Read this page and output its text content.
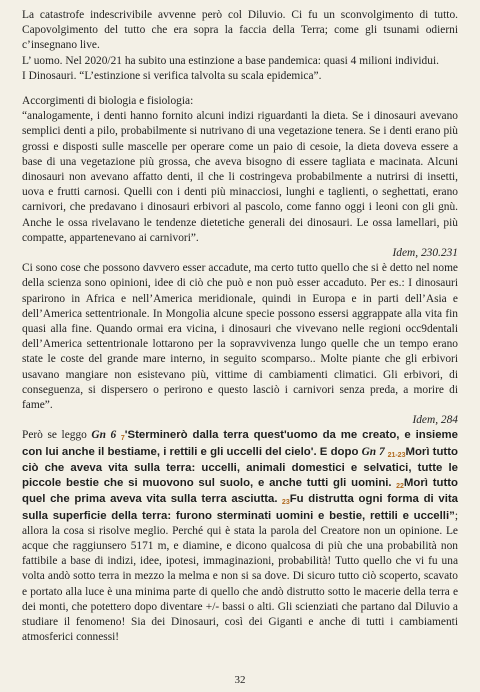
La catastrofe indescrivibile avvenne però col Diluvio. Ci fu un sconvolgimento di tutto. Capovolgimento del tutto che era sopra la faccia della Terra; come gli tsunami odierni c’insegnano live.

L’ uomo. Nel 2020/21 ha subito una estinzione a base pandemica: quasi 4 milioni individui.

I Dinosauri. “L’estinzione si verifica talvolta su scala epidemica”.

Accorgimenti di biologia e fisiologia:

“analogamente, i denti hanno fornito alcuni indizi riguardanti la dieta. Se i dinosauri avevano semplici denti a pilo, probabilmente si nutrivano di una vegetazione tenera. Se i denti erano più grossi e disposti sulle mascelle per operare come un paio di cesoie, la dieta doveva essere a base di una vegetazione più grossa, che aveva bisogno di essere tagliata e macinata. Alcuni dinosauri non avevano affatto denti, il che li costringeva probabilmente a nutrirsi di insetti, uova e frutti carnosi. Quelli con i denti più minacciosi, lunghi e taglienti, o seghettati, erano carnivori, che predavano i dinosauri erbivori al pascolo, come fanno oggi i leoni con gli gnù. Anche le ossa rivelavano le tendenze dietetiche generali dei dinosauri. Le ossa lamellari, più compatte, appartenevano ai carnivori”.

Idem, 230.231

Ci sono cose che possono davvero esser accadute, ma certo tutto quello che si è detto nel nome della scienza sono opinioni, idee di ciò che può e non può esser accaduto. Per es.: I dinosauri sparirono in Africa e nell’America meridionale, quindi in Europa e in parti dell’Asia e dell’America settentrionale. In Mongolia alcune specie possono essersi aggrappate alla vita fin quasi alla fine. Quando ormai era vicina, i dinosauri che vivevano nelle regioni occ9dentali dell’America settentrionale lottarono per la sopravvivenza lungo quelle che un tempo erano state le coste del grande mare interno, in seguito scomparso.. Molte piante che gli erbivori usavano mangiare non esistevano più, vittime di cambiamenti climatici. Gli erbivori, di conseguenza, si dispersero o perirono e questo lasciò i carnivori senza preda, a morire di fame”.

Idem, 284

Però se leggo Gn 6 $_7$'Sterminerò dalla terra quest'uomo da me creato, e insieme con lui anche il bestiame, i rettili e gli uccelli del cielo'. E dopo Gn 7 $_{21-23}$Morì tutto ciò che aveva vita sulla terra: uccelli, animali domestici e selvatici, tutte le piccole bestie che si muovono sul suolo, e anche tutti gli uomini. $_{22}$Morì tutto quel che prima aveva vita sulla terra asciutta. $_{23}$Fu distrutta ogni forma di vita sulla superficie della terra: furono sterminati uomini e bestie, rettili e uccelli”; allora la cosa si risolve meglio. Perché qui è stata la parola del Creatore non un opinione. Le acque che raggiunsero 5171 m, e diamine, e dicono qualcosa di più che una probabilità non fattibile a base di indizi, idee, ipotesi, immaginazioni, probabilità! Tutto quello che vi fu una volta andò sotto terra in mezzo la melma e non si sa dove. Di sicuro tutto ciò scoperto, scavato e portato alla luce è una minima parte di quello che andò distrutto sotto le macerie della terra e dei monti, che potettero dopo diventare +/- bassi o alti. Gli scienziati che partano dal Diluvio a studiare il fenomeno! Sia dei Dinosauri, così dei Giganti e anche di tutti i cambiamenti atmosferici connessi!

32
